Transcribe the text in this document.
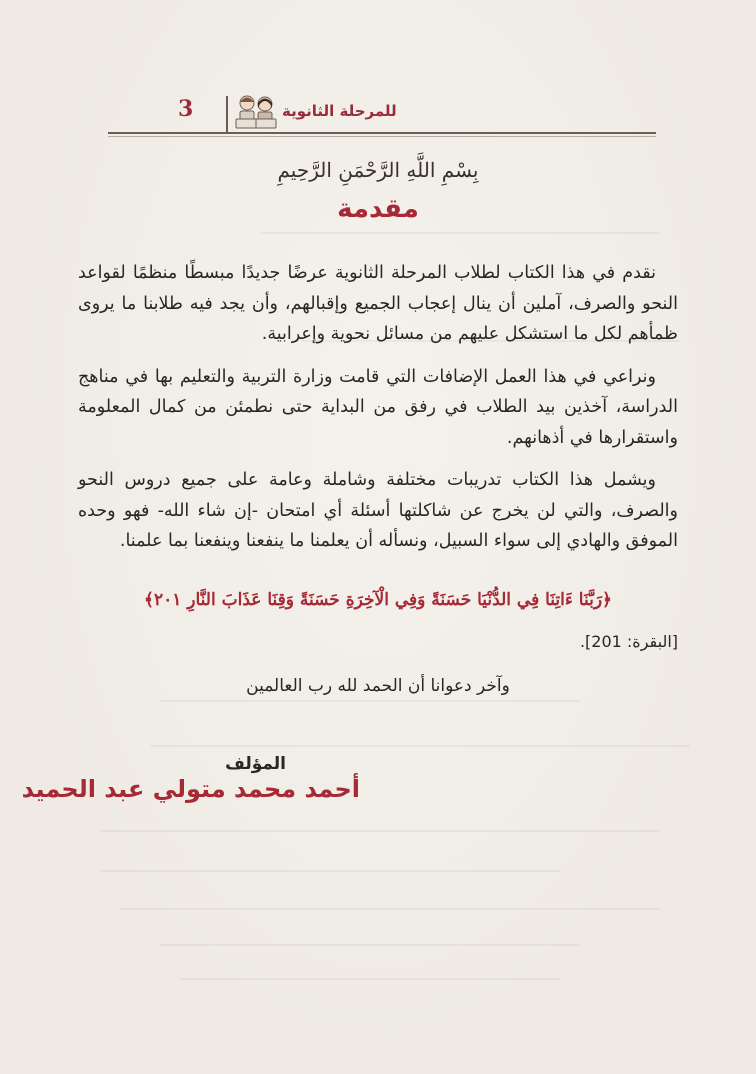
3	للمرحلة الثانوية
بِسْمِ اللَّهِ الرَّحْمَنِ الرَّحِيمِ
مقدمة

نقدم في هذا الكتاب لطلاب المرحلة الثانوية عرضًا جديدًا مبسطًا منظمًا لقواعد النحو والصرف، آملين أن ينال إعجاب الجميع وإقبالهم، وأن يجد فيه طلابنا ما يروى ظمأهم لكل ما استشكل عليهم من مسائل نحوية وإعرابية.

ونراعي في هذا العمل الإضافات التي قامت وزارة التربية والتعليم بها في مناهج الدراسة، آخذين بيد الطلاب في رفق من البداية حتى نطمئن من كمال المعلومة واستقرارها في أذهانهم.

ويشمل هذا الكتاب تدريبات مختلفة وشاملة وعامة على جميع دروس النحو والصرف، والتي لن يخرج عن شاكلتها أسئلة أي امتحان -إن شاء الله- فهو وحده الموفق والهادي إلى سواء السبيل، ونسأله أن يعلمنا ما ينفعنا وينفعنا بما علمنا.

﴿رَبَّنَا ءَاتِنَا فِي الدُّنْيَا حَسَنَةً وَفِي الْآخِرَةِ حَسَنَةً وَقِنَا عَذَابَ النَّارِ ٢٠١﴾
[البقرة: 201].
وآخر دعوانا أن الحمد لله رب العالمين
المؤلف
أحمد محمد متولي عبد الحميد
